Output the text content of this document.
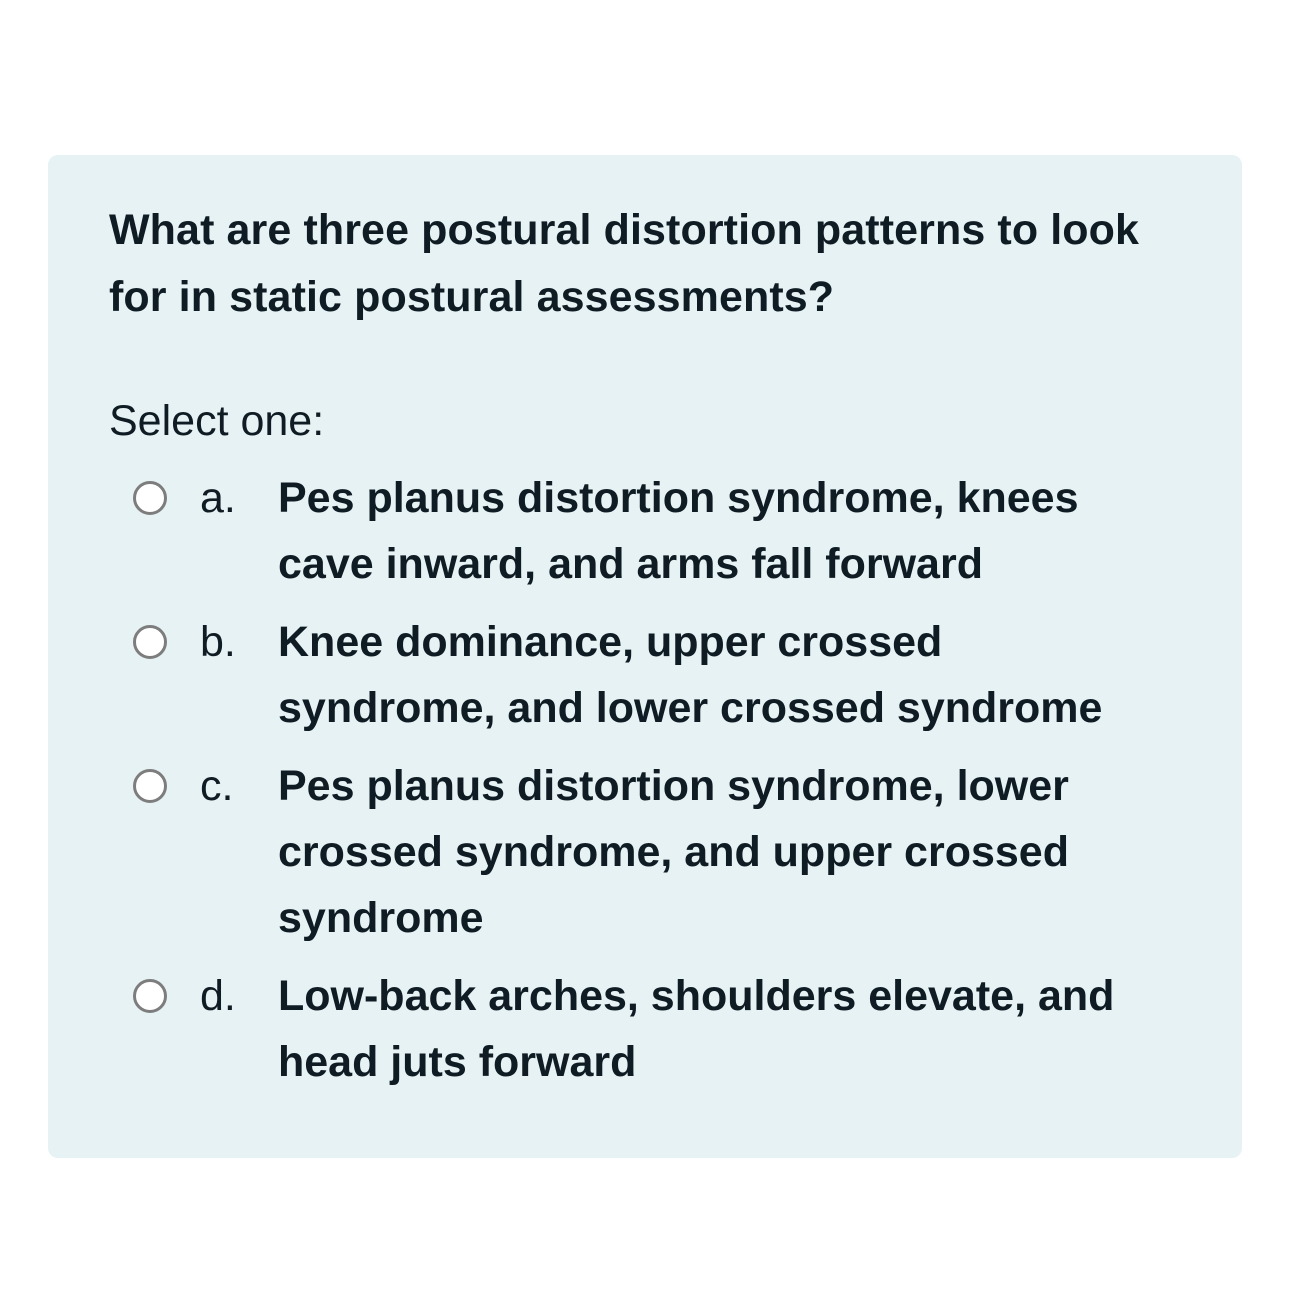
What are three postural distortion patterns to look for in static postural assessments?

Select one:

a. Pes planus distortion syndrome, knees cave inward, and arms fall forward
b. Knee dominance, upper crossed syndrome, and lower crossed syndrome
c.	Pes planus distortion syndrome, lower crossed syndrome, and upper crossed syndrome
d. Low-back arches, shoulders elevate, and head juts forward
